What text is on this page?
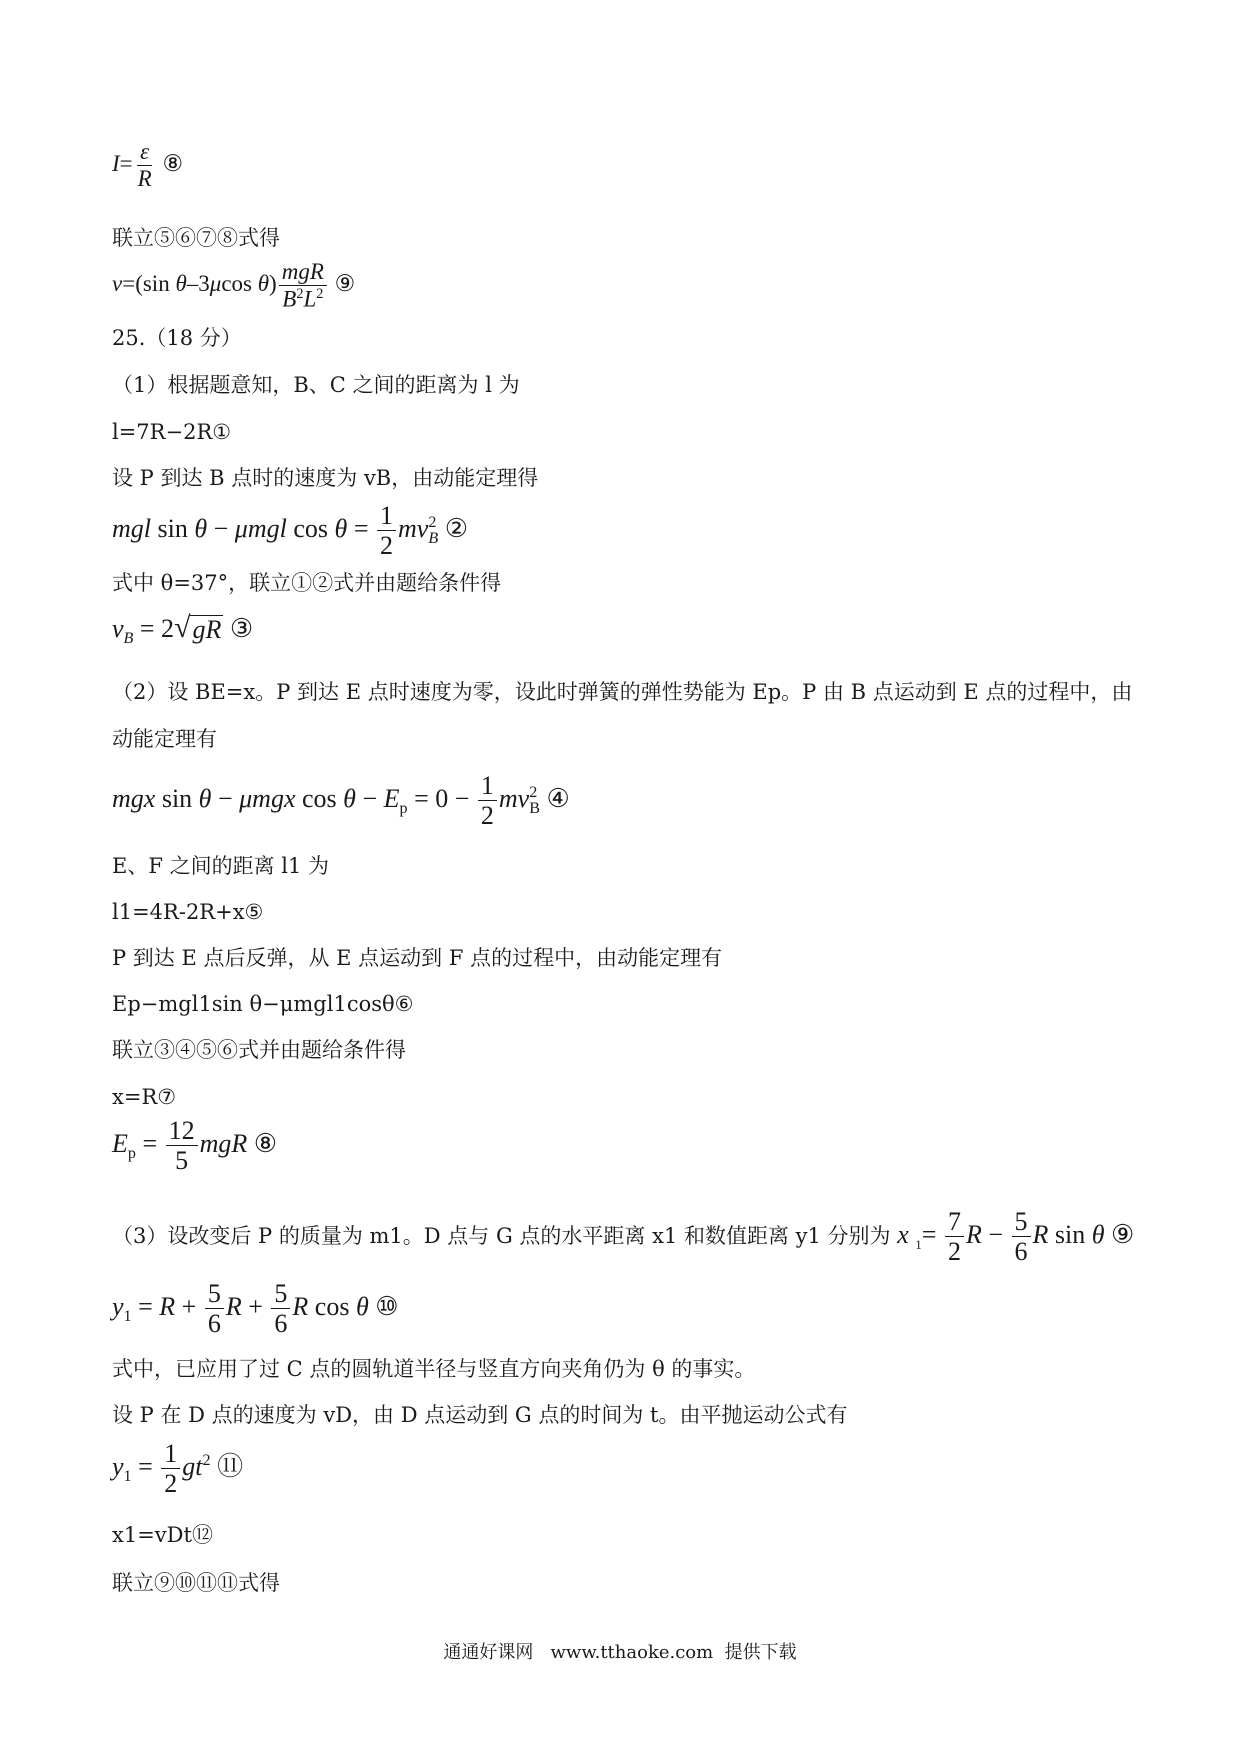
$I= \frac{\varepsilon}{R}$ ⑧
联立⑤⑥⑦⑧式得
v=(sin θ–3μcos $\theta) \frac{\text{mgR}}{B^2L^2}$ ⑨
25.（18 分）
（1）根据题意知，B、C 之间的距离为 l 为
l=7R−2R①
设 P 到达 B 点时的速度为 vB，由动能定理得
mgl sin θ − μmgl $\cos \theta = \frac{1}{2} mv^2_B$ ②
式中 θ=37°，联立①②式并由题给条件得
$v_B = 2$ √ gR ③
（2）设 BE=x。P 到达 E 点时速度为零，设此时弹簧的弹性势能为 Ep。P 由 B 点运动到 E 点的过程中，由
动能定理有
mgx sin θ − μmgx $\cos \theta - E_p = 0 - \frac{1}{2} mv^2_B$ ④
E、F 之间的距离 l1 为
l1=4R-2R+x⑤
P 到达 E 点后反弹，从 E 点运动到 F 点的过程中，由动能定理有
Ep−mgl1sin θ−μmgl1cosθ⑥
联立③④⑤⑥式并由题给条件得
x=R⑦
$E_p = \frac{12}{5}$ mgR ⑧
（3）设改变后 P 的质量为 m1。D 点与 G 点的水平距离 x1 和数值距离 y1 分别为 x $_1= \frac{7}{2}$ $R - \frac{5}{6}$ R sin θ ⑨
$y_1 = R + \frac{5}{6}$ $R + \frac{5}{6}$ R cos θ ⑩
式中，已应用了过 C 点的圆轨道半径与竖直方向夹角仍为 θ 的事实。
设 P 在 D 点的速度为 vD，由 D 点运动到 G 点的时间为 t。由平抛运动公式有
$y_1 = \frac{1}{2} gt^2$ ⑪
x1=vDt⑫
联立⑨⑩⑪⑪式得
通通好课网   www.tthaoke.com  提供下载
